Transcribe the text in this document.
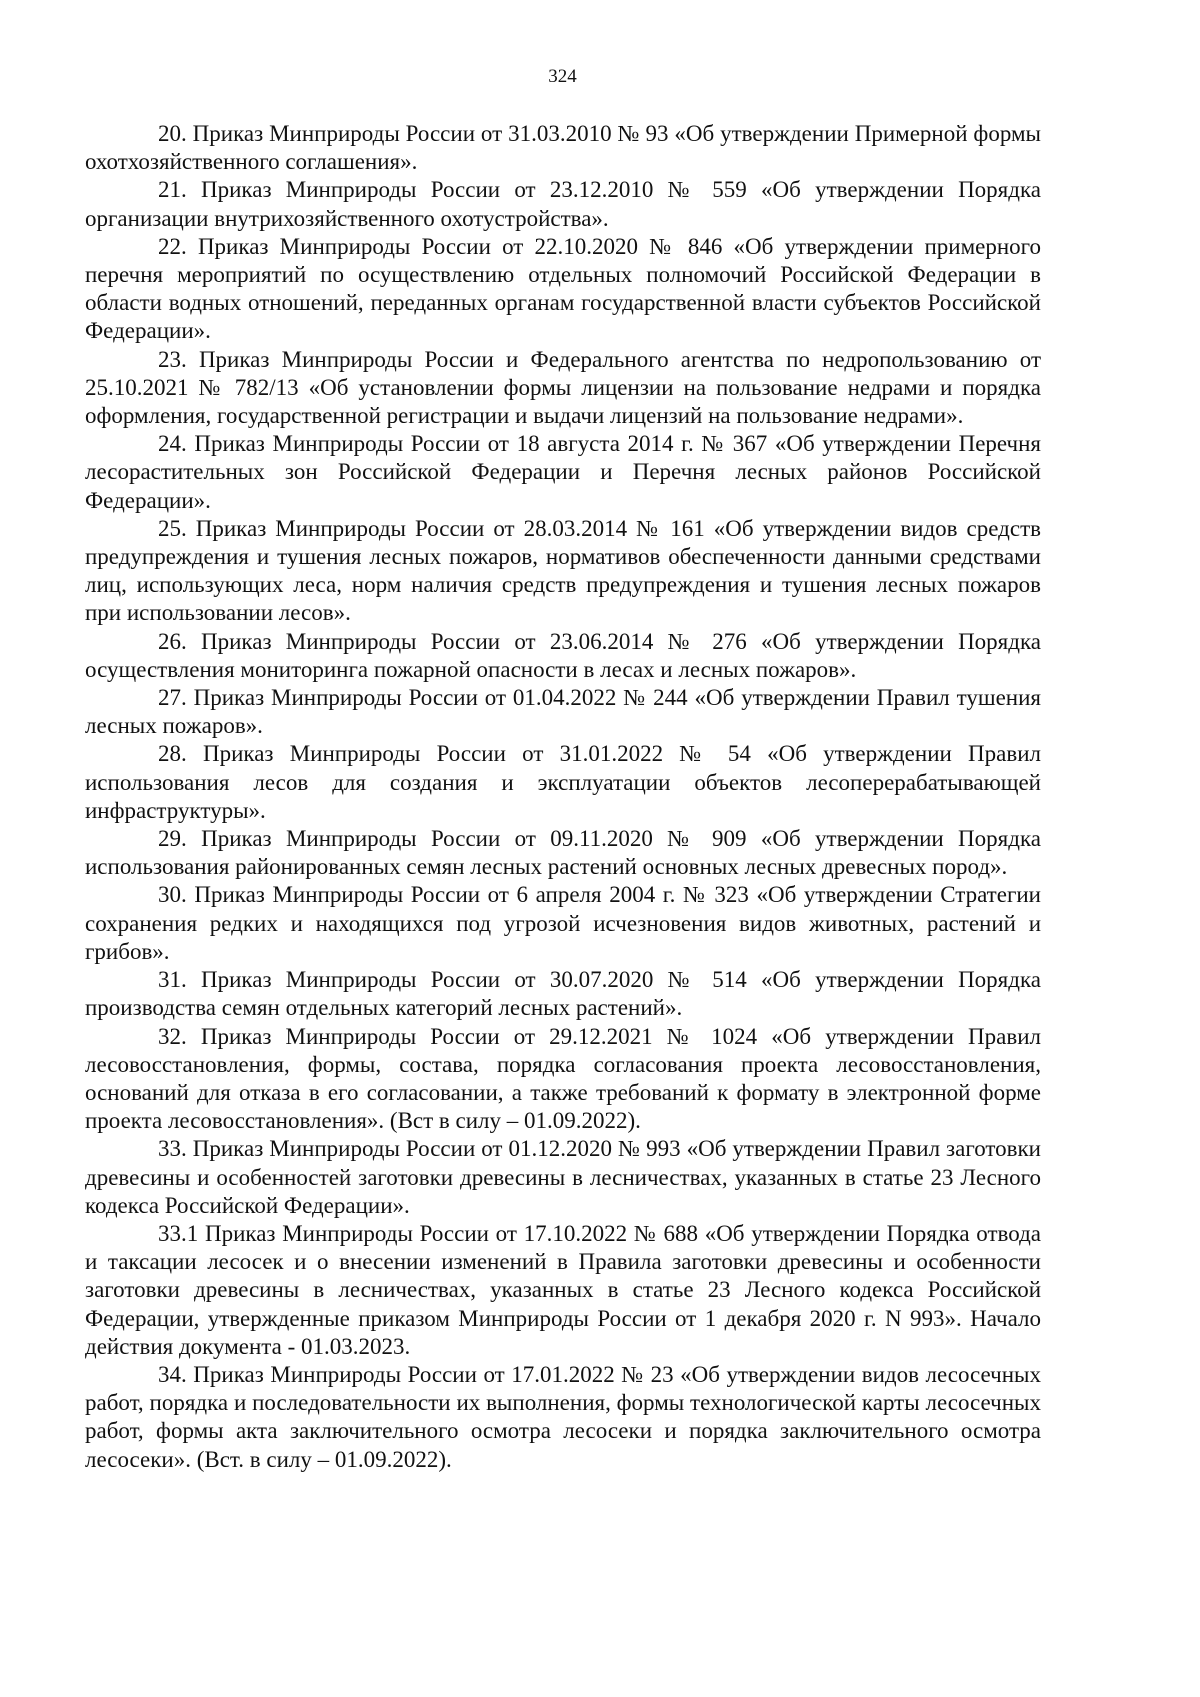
324

20. Приказ Минприроды России от 31.03.2010 № 93 «Об утверждении Примерной формы охотхозяйственного соглашения».

21. Приказ Минприроды России от 23.12.2010 № 559 «Об утверждении Порядка организации внутрихозяйственного охотустройства».

22. Приказ Минприроды России от 22.10.2020 № 846 «Об утверждении примерного перечня мероприятий по осуществлению отдельных полномочий Российской Федерации в области водных отношений, переданных органам государственной власти субъектов Российской Федерации».

23. Приказ Минприроды России и Федерального агентства по недропользованию от 25.10.2021 № 782/13 «Об установлении формы лицензии на пользование недрами и порядка оформления, государственной регистрации и выдачи лицензий на пользование недрами».

24. Приказ Минприроды России от 18 августа 2014 г. № 367 «Об утверждении Перечня лесорастительных зон Российской Федерации и Перечня лесных районов Российской Федерации».

25. Приказ Минприроды России от 28.03.2014 № 161 «Об утверждении видов средств предупреждения и тушения лесных пожаров, нормативов обеспеченности данными средствами лиц, использующих леса, норм наличия средств предупреждения и тушения лесных пожаров при использовании лесов».

26. Приказ Минприроды России от 23.06.2014 № 276 «Об утверждении Порядка осуществления мониторинга пожарной опасности в лесах и лесных пожаров».

27. Приказ Минприроды России от 01.04.2022 № 244 «Об утверждении Правил тушения лесных пожаров».

28. Приказ Минприроды России от 31.01.2022 № 54 «Об утверждении Правил использования лесов для создания и эксплуатации объектов лесоперерабатывающей инфраструктуры».

29. Приказ Минприроды России от 09.11.2020 № 909 «Об утверждении Порядка использования районированных семян лесных растений основных лесных древесных пород».

30. Приказ Минприроды России от 6 апреля 2004 г. № 323 «Об утверждении Стратегии сохранения редких и находящихся под угрозой исчезновения видов животных, растений и грибов».

31. Приказ Минприроды России от 30.07.2020 № 514 «Об утверждении Порядка производства семян отдельных категорий лесных растений».

32. Приказ Минприроды России от 29.12.2021 № 1024 «Об утверждении Правил лесовосстановления, формы, состава, порядка согласования проекта лесовосстановления, оснований для отказа в его согласовании, а также требований к формату в электронной форме проекта лесовосстановления». (Вст в силу – 01.09.2022).

33. Приказ Минприроды России от 01.12.2020 № 993 «Об утверждении Правил заготовки древесины и особенностей заготовки древесины в лесничествах, указанных в статье 23 Лесного кодекса Российской Федерации».

33.1 Приказ Минприроды России от 17.10.2022 № 688 «Об утверждении Порядка отвода и таксации лесосек и о внесении изменений в Правила заготовки древесины и особенности заготовки древесины в лесничествах, указанных в статье 23 Лесного кодекса Российской Федерации, утвержденные приказом Минприроды России от 1 декабря 2020 г. N 993». Начало действия документа - 01.03.2023.

34. Приказ Минприроды России от 17.01.2022 № 23 «Об утверждении видов лесосечных работ, порядка и последовательности их выполнения, формы технологической карты лесосечных работ, формы акта заключительного осмотра лесосеки и порядка заключительного осмотра лесосеки». (Вст. в силу – 01.09.2022).
